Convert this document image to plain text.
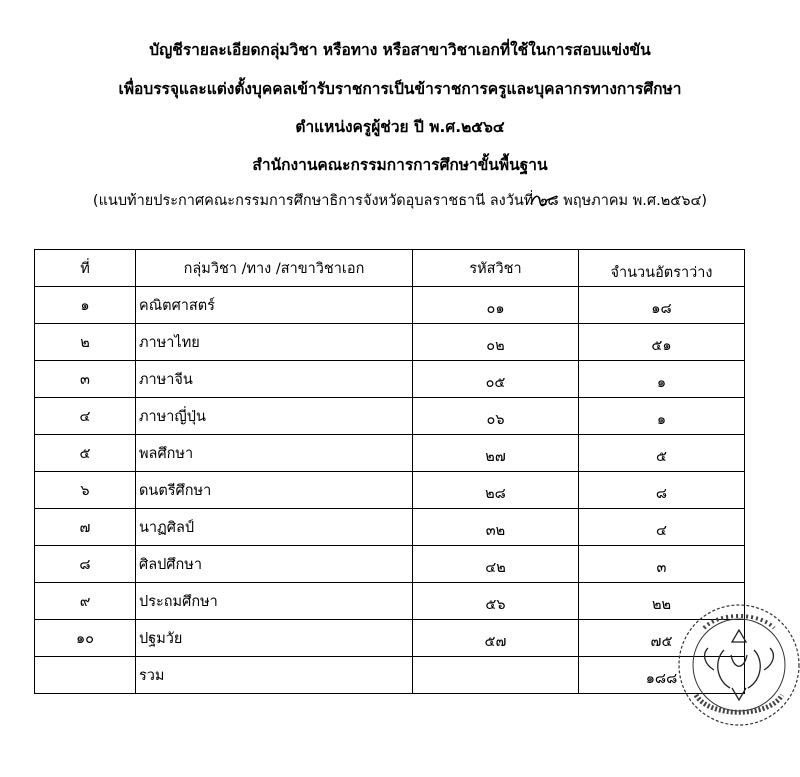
บัญชีรายละเอียดกลุ่มวิชา หรือทาง หรือสาขาวิชาเอกที่ใช้ในการสอบแข่งขัน
เพื่อบรรจุและแต่งตั้งบุคคลเข้ารับราชการเป็นข้าราชการครูและบุคลากรทางการศึกษา
ตำแหน่งครูผู้ช่วย ปี พ.ศ.๒๕๖๔
สำนักงานคณะกรรมการการศึกษาขั้นพื้นฐาน
(แนบท้ายประกาศคณะกรรมการศึกษาธิการจังหวัดอุบลราชธานี ลงวันที่ ๒๘ พฤษภาคม พ.ศ.๒๕๖๔)
ที่	กลุ่มวิชา /ทาง /สาขาวิชาเอก	รหัสวิชา	จำนวนอัตราว่าง
๑	คณิตศาสตร์	๐๑	๑๘
๒	ภาษาไทย	๐๒	๕๑
๓	ภาษาจีน	๐๕	๑
๔	ภาษาญี่ปุ่น	๐๖	๑
๕	พลศึกษา	๒๗	๕
๖	ดนตรีศึกษา	๒๘	๘
๗	นาฏศิลป์	๓๒	๔
๘	ศิลปศึกษา	๔๒	๓
๙	ประถมศึกษา	๕๖	๒๒
๑๐	ปฐมวัย	๕๗	๗๕
	รวม		๑๘๘
